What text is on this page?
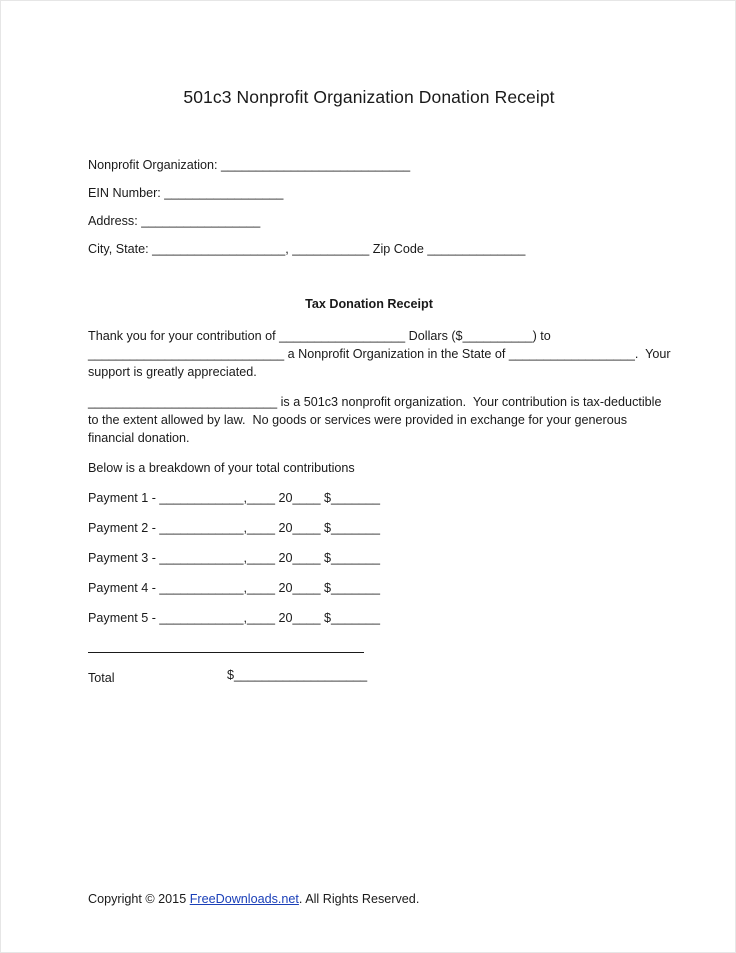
501c3 Nonprofit Organization Donation Receipt
Nonprofit Organization: ___________________________
EIN Number: _________________
Address: _________________
City, State: ___________________, ___________ Zip Code ______________
Tax Donation Receipt
Thank you for your contribution of __________________ Dollars ($__________) to
____________________________ a Nonprofit Organization in the State of __________________.  Your
support is greatly appreciated.
___________________________ is a 501c3 nonprofit organization.  Your contribution is tax-deductible
to the extent allowed by law.  No goods or services were provided in exchange for your generous
financial donation.
Below is a breakdown of your total contributions
Payment 1 - ____________,____ 20____ $_______
Payment 2 - ____________,____ 20____ $_______
Payment 3 - ____________,____ 20____ $_______
Payment 4 - ____________,____ 20____ $_______
Payment 5 - ____________,____ 20____ $_______
Total	$___________________
Copyright © 2015 FreeDownloads.net. All Rights Reserved.
